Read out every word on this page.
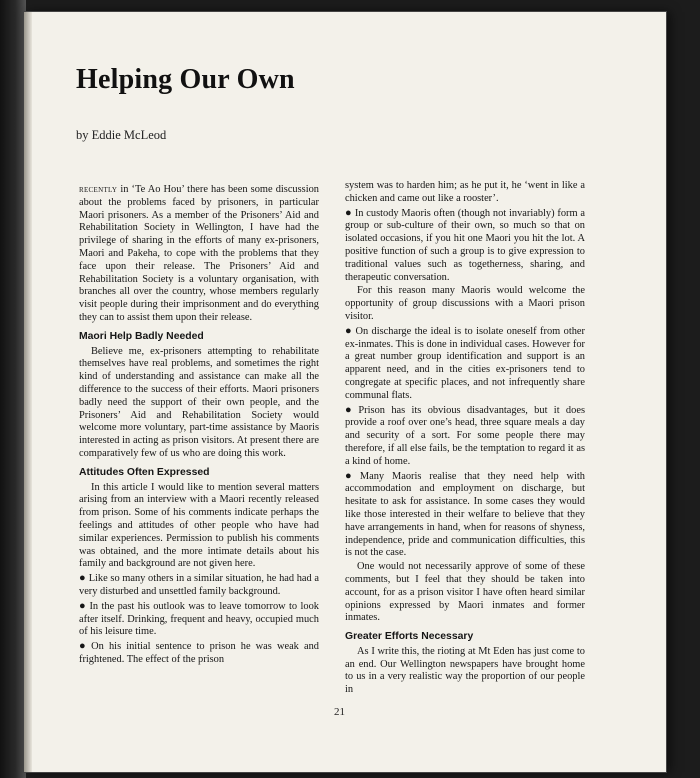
Helping Our Own

by Eddie McLeod

recently in ‘Te Ao Hou’ there has been some discussion about the problems faced by prisoners, in particular Maori prisoners. As a member of the Prisoners’ Aid and Rehabilitation Society in Wellington, I have had the privilege of sharing in the efforts of many ex-prisoners, Maori and Pakeha, to cope with the problems that they face upon their release. The Prisoners’ Aid and Rehabilitation Society is a voluntary organisation, with branches all over the country, whose members regularly visit people during their imprisonment and do everything they can to assist them upon their release.

Maori Help Badly Needed

Believe me, ex-prisoners attempting to rehabilitate themselves have real problems, and sometimes the right kind of understanding and assistance can make all the difference to the success of their efforts. Maori prisoners badly need the support of their own people, and the Prisoners’ Aid and Rehabilitation Society would welcome more voluntary, part-time assistance by Maoris interested in acting as prison visitors. At present there are comparatively few of us who are doing this work.

Attitudes Often Expressed

In this article I would like to mention several matters arising from an interview with a Maori recently released from prison. Some of his comments indicate perhaps the feelings and attitudes of other people who have had similar experiences. Permission to publish his comments was obtained, and the more intimate details about his family and background are not given here.

● Like so many others in a similar situation, he had had a very disturbed and unsettled family background.

● In the past his outlook was to leave tomorrow to look after itself. Drinking, frequent and heavy, occupied much of his leisure time.

● On his initial sentence to prison he was weak and frightened. The effect of the prison

system was to harden him; as he put it, he ‘went in like a chicken and came out like a rooster’.

● In custody Maoris often (though not invariably) form a group or sub-culture of their own, so much so that on isolated occasions, if you hit one Maori you hit the lot. A positive function of such a group is to give expression to traditional values such as togetherness, sharing, and therapeutic conversation.

For this reason many Maoris would welcome the opportunity of group discussions with a Maori prison visitor.

● On discharge the ideal is to isolate oneself from other ex-inmates. This is done in individual cases. However for a great number group identification and support is an apparent need, and in the cities ex-prisoners tend to congregate at specific places, and not infrequently share communal flats.

● Prison has its obvious disadvantages, but it does provide a roof over one’s head, three square meals a day and security of a sort. For some people there may therefore, if all else fails, be the temptation to regard it as a kind of home.

● Many Maoris realise that they need help with accommodation and employment on discharge, but hesitate to ask for assistance. In some cases they would like those interested in their welfare to believe that they have arrangements in hand, when for reasons of shyness, independence, pride and communication difficulties, this is not the case.

One would not necessarily approve of some of these comments, but I feel that they should be taken into account, for as a prison visitor I have often heard similar opinions expressed by Maori inmates and former inmates.

Greater Efforts Necessary

As I write this, the rioting at Mt Eden has just come to an end. Our Wellington newspapers have brought home to us in a very realistic way the proportion of our people in

21
